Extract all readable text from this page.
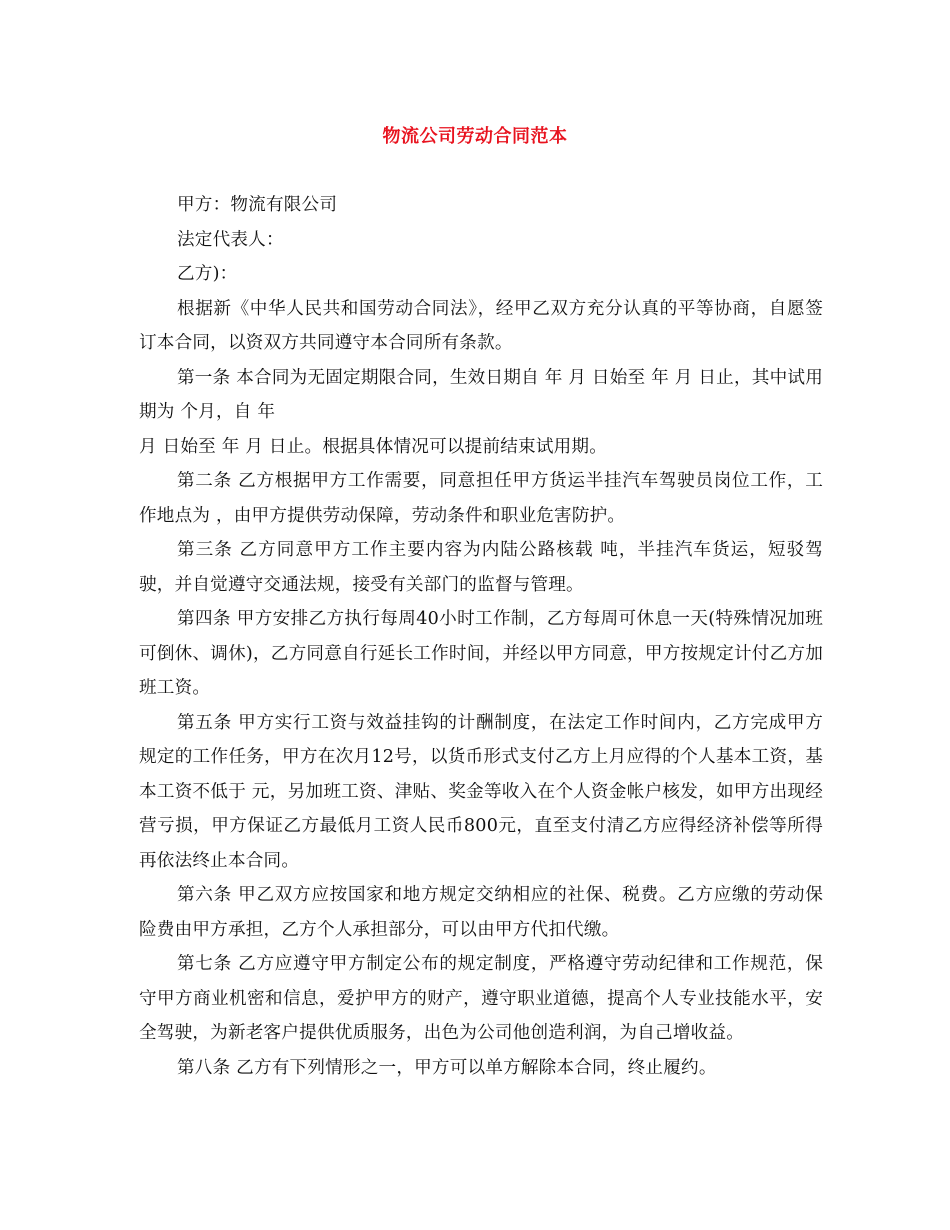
物流公司劳动合同范本

甲方：物流有限公司

法定代表人：

乙方)：

根据新《中华人民共和国劳动合同法》，经甲乙双方充分认真的平等协商，自愿签订本合同，以资双方共同遵守本合同所有条款。

第一条 本合同为无固定期限合同，生效日期自 年 月 日始至 年 月 日止，其中试用期为 个月，自 年

月 日始至 年 月 日止。根据具体情况可以提前结束试用期。

第二条 乙方根据甲方工作需要，同意担任甲方货运半挂汽车驾驶员岗位工作，工作地点为 ，由甲方提供劳动保障，劳动条件和职业危害防护。

第三条 乙方同意甲方工作主要内容为内陆公路核载 吨，半挂汽车货运，短驳驾驶，并自觉遵守交通法规，接受有关部门的监督与管理。

第四条 甲方安排乙方执行每周40小时工作制，乙方每周可休息一天(特殊情况加班可倒休、调休)，乙方同意自行延长工作时间，并经以甲方同意，甲方按规定计付乙方加班工资。

第五条 甲方实行工资与效益挂钩的计酬制度，在法定工作时间内，乙方完成甲方规定的工作任务，甲方在次月12号，以货币形式支付乙方上月应得的个人基本工资，基本工资不低于 元，另加班工资、津贴、奖金等收入在个人资金帐户核发，如甲方出现经营亏损，甲方保证乙方最低月工资人民币800元，直至支付清乙方应得经济补偿等所得再依法终止本合同。

第六条 甲乙双方应按国家和地方规定交纳相应的社保、税费。乙方应缴的劳动保险费由甲方承担，乙方个人承担部分，可以由甲方代扣代缴。

第七条 乙方应遵守甲方制定公布的规定制度，严格遵守劳动纪律和工作规范，保守甲方商业机密和信息，爱护甲方的财产，遵守职业道德，提高个人专业技能水平，安全驾驶，为新老客户提供优质服务，出色为公司他创造利润，为自己增收益。

第八条 乙方有下列情形之一，甲方可以单方解除本合同，终止履约。
